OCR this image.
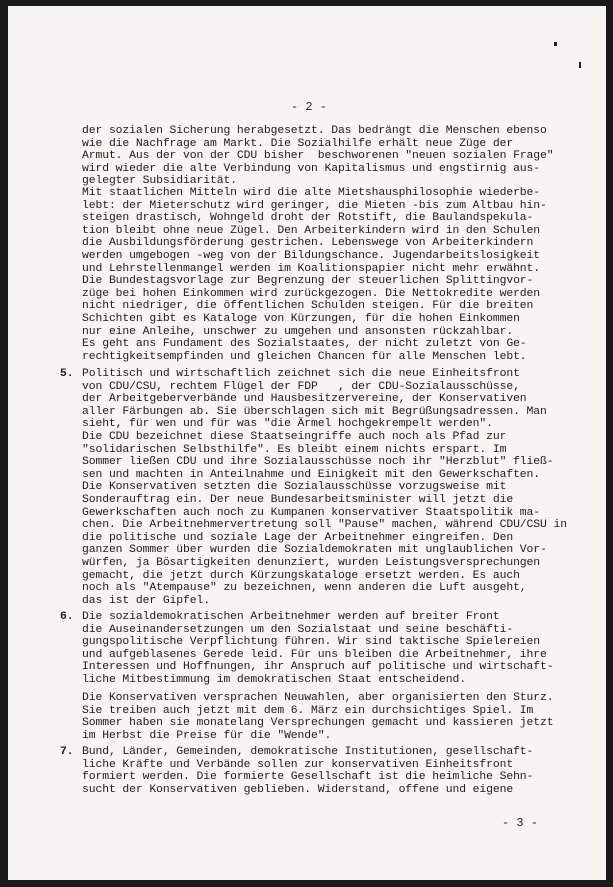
- 2 -
der sozialen Sicherung herabgesetzt. Das bedrängt die Menschen ebenso
wie die Nachfrage am Markt. Die Sozialhilfe erhält neue Züge der
Armut. Aus der von der CDU bisher  beschworenen "neuen sozialen Frage"
wird wieder die alte Verbindung von Kapitalismus und engstirnig aus-
gelegter Subsidiarität.
Mit staatlichen Mitteln wird die alte Mietshausphilosophie wiederbe-
lebt: der Mieterschutz wird geringer, die Mieten -bis zum Altbau hin-
steigen drastisch, Wohngeld droht der Rotstift, die Baulandspekula-
tion bleibt ohne neue Zügel. Den Arbeiterkindern wird in den Schulen
die Ausbildungsförderung gestrichen. Lebenswege von Arbeiterkindern
werden umgebogen -weg von der Bildungschance. Jugendarbeitslosigkeit
und Lehrstellenmangel werden im Koalitionspapier nicht mehr erwähnt.
Die Bundestagsvorlage zur Begrenzung der steuerlichen Splittingvor-
züge bei hohen Einkommen wird zurückgezogen. Die Nettokredite werden
nicht niedriger, die öffentlichen Schulden steigen. Für die breiten
Schichten gibt es Kataloge von Kürzungen, für die hohen Einkommen
nur eine Anleihe, unschwer zu umgehen und ansonsten rückzahlbar.
Es geht ans Fundament des Sozialstaates, der nicht zuletzt von Ge-
rechtigkeitsempfinden und gleichen Chancen für alle Menschen lebt.
5. Politisch und wirtschaftlich zeichnet sich die neue Einheitsfront
von CDU/CSU, rechtem Flügel der FDP   , der CDU-Sozialausschüsse,
der Arbeitgeberverbände und Hausbesitzervereine, der Konservativen
aller Färbungen ab. Sie überschlagen sich mit Begrüßungsadressen. Man
sieht, für wen und für was "die Ärmel hochgekrempelt werden".
Die CDU bezeichnet diese Staatseingriffe auch noch als Pfad zur
"solidarischen Selbsthilfe". Es bleibt einem nichts erspart. Im
Sommer ließen CDU und ihre Sozialausschüsse noch ihr "Herzblut" fließ-
sen und machten in Anteilnahme und Einigkeit mit den Gewerkschaften.
Die Konservativen setzten die Sozialausschüsse vorzugsweise mit
Sonderauftrag ein. Der neue Bundesarbeitsminister will jetzt die
Gewerkschaften auch noch zu Kumpanen konservativer Staatspolitik ma-
chen. Die Arbeitnehmervertretung soll "Pause" machen, während CDU/CSU in
die politische und soziale Lage der Arbeitnehmer eingreifen. Den
ganzen Sommer über wurden die Sozialdemokraten mit unglaublichen Vor-
würfen, ja Bösartigkeiten denunziert, wurden Leistungsversprechungen
gemacht, die jetzt durch Kürzungskataloge ersetzt werden. Es auch
noch als "Atempause" zu bezeichnen, wenn anderen die Luft ausgeht,
das ist der Gipfel.
6. Die sozialdemokratischen Arbeitnehmer werden auf breiter Front
die Auseinandersetzungen um den Sozialstaat und seine beschäfti-
gungspolitische Verpflichtung führen. Wir sind taktische Spielereien
und aufgeblasenes Gerede leid. Für uns bleiben die Arbeitnehmer, ihre
Interessen und Hoffnungen, ihr Anspruch auf politische und wirtschaft-
liche Mitbestimmung im demokratischen Staat entscheidend.
Die Konservativen versprachen Neuwahlen, aber organisierten den Sturz.
Sie treiben auch jetzt mit dem 6. März ein durchsichtiges Spiel. Im
Sommer haben sie monatelang Versprechungen gemacht und kassieren jetzt
im Herbst die Preise für die "Wende".
7. Bund, Länder, Gemeinden, demokratische Institutionen, gesellschaft-
liche Kräfte und Verbände sollen zur konservativen Einheitsfront
formiert werden. Die formierte Gesellschaft ist die heimliche Sehn-
sucht der Konservativen geblieben. Widerstand, offene und eigene
- 3 -
